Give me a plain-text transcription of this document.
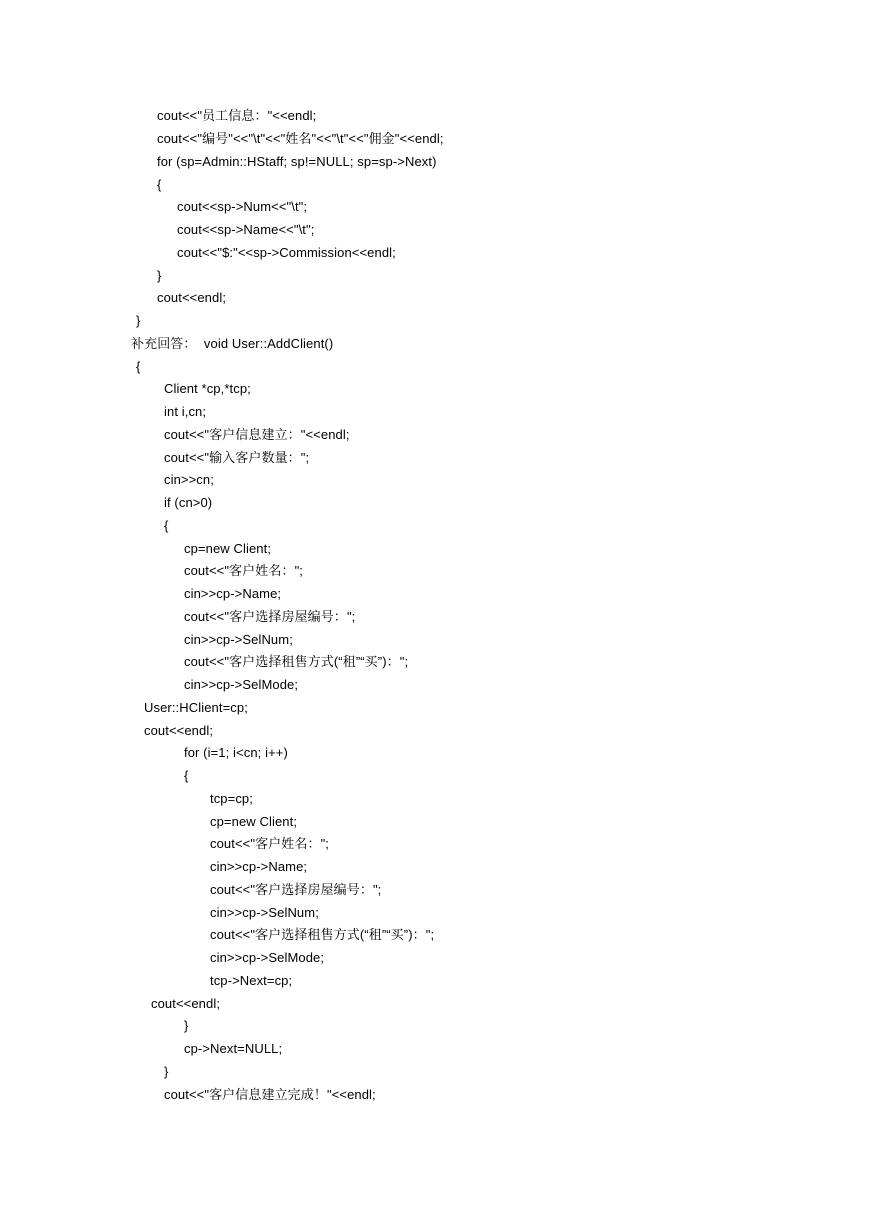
cout<<"员工信息："<<endl;
cout<<"编号"<<"\t"<<"姓名"<<"\t"<<"佣金"<<endl;
for (sp=Admin::HStaff; sp!=NULL; sp=sp->Next)
{
cout<<sp->Num<<"\t";
cout<<sp->Name<<"\t";
cout<<"$:"<<sp->Commission<<endl;
}
cout<<endl;
}
补充回答：  void User::AddClient()
{
Client *cp,*tcp;
int i,cn;
cout<<"客户信息建立："<<endl;
cout<<"输入客户数量：";
cin>>cn;
if (cn>0)
{
cp=new Client;
cout<<"客户姓名：";
cin>>cp->Name;
cout<<"客户选择房屋编号：";
cin>>cp->SelNum;
cout<<"客户选择租售方式(“租”“买”)：";
cin>>cp->SelMode;
User::HClient=cp;
cout<<endl;
for (i=1; i<cn; i++)
{
tcp=cp;
cp=new Client;
cout<<"客户姓名：";
cin>>cp->Name;
cout<<"客户选择房屋编号：";
cin>>cp->SelNum;
cout<<"客户选择租售方式(“租”“买”)：";
cin>>cp->SelMode;
tcp->Next=cp;
cout<<endl;
}
cp->Next=NULL;
}
cout<<"客户信息建立完成！"<<endl;
